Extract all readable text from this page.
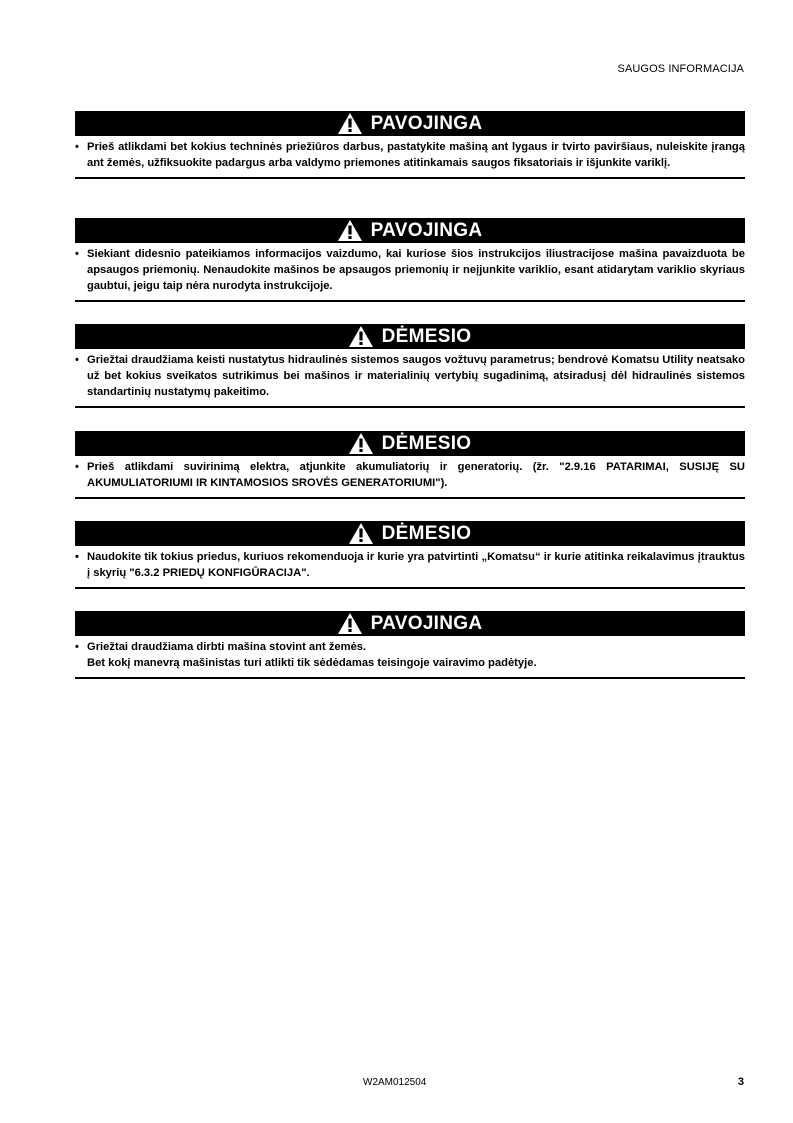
SAUGOS INFORMACIJA
PAVOJINGA
• Prieš atlikdami bet kokius techninės priežiūros darbus, pastatykite mašiną ant lygaus ir tvirto paviršiaus, nuleiskite įrangą ant žemės, užfiksuokite padargus arba valdymo priemones atitinkamais saugos fiksatoriais ir išjunkite variklį.

PAVOJINGA
• Siekiant didesnio pateikiamos informacijos vaizdumo, kai kuriose šios instrukcijos iliustracijose mašina pavaizduota be apsaugos priemonių. Nenaudokite mašinos be apsaugos priemonių ir neįjunkite variklio, esant atidarytam variklio skyriaus gaubtui, jeigu taip nėra nurodyta instrukcijoje.

DĖMESIO
• Griežtai draudžiama keisti nustatytus hidraulinės sistemos saugos vožtuvų parametrus; bendrovė Komatsu Utility neatsako už bet kokius sveikatos sutrikimus bei mašinos ir materialinių vertybių sugadinimą, atsiradusį dėl hidraulinės sistemos standartinių nustatymų pakeitimo.

DĖMESIO
• Prieš atlikdami suvirinimą elektra, atjunkite akumuliatorių ir generatorių. (žr. "2.9.16 PATARIMAI, SUSIJĘ SU AKUMULIATORIUMI IR KINTAMOSIOS SROVĖS GENERATORIUMI").

DĖMESIO
• Naudokite tik tokius priedus, kuriuos rekomenduoja ir kurie yra patvirtinti „Komatsu“ ir kurie atitinka reikalavimus įtrauktus į skyrių "6.3.2 PRIEDŲ KONFIGŪRACIJA".

PAVOJINGA
• Griežtai draudžiama dirbti mašina stovint ant žemės.

Bet kokį manevrą mašinistas turi atlikti tik sėdėdamas teisingoje vairavimo padėtyje.

W2AM012504	3
